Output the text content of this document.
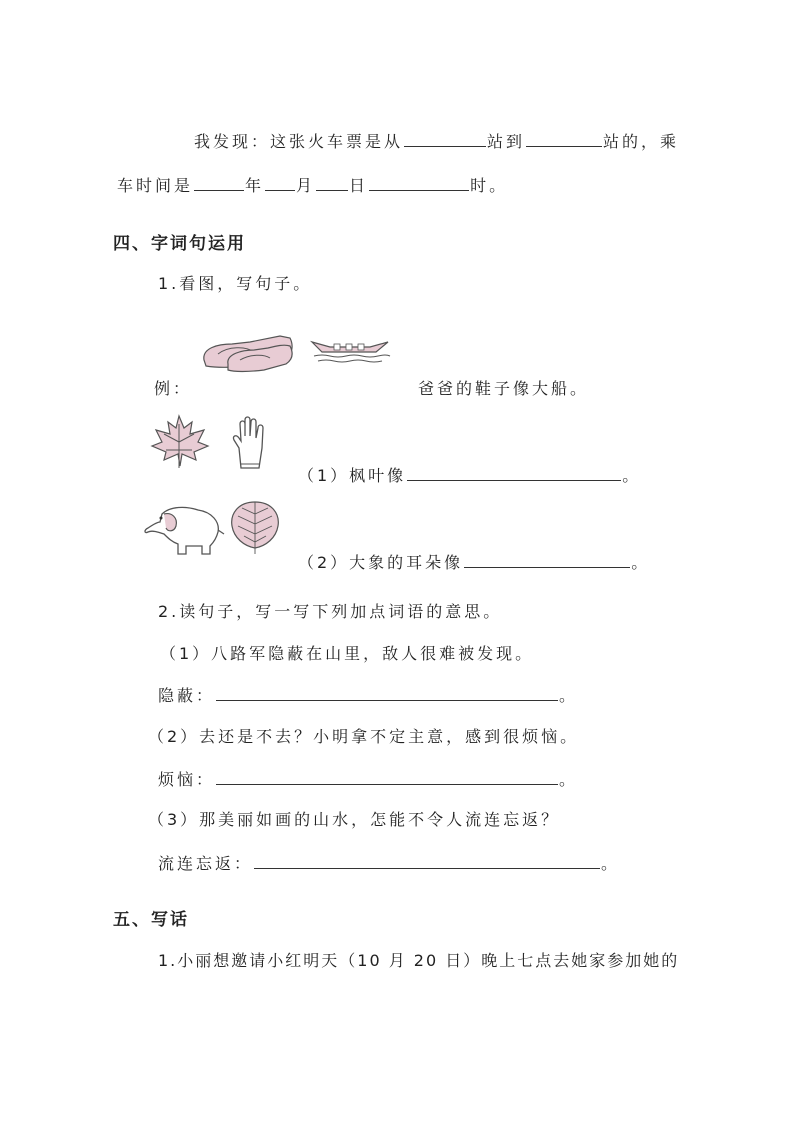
我发现：这张火车票是从	站到	站的，乘
车时间是	年 月 日	时。
四、字词句运用
1.看图，写句子。
例：	爸爸的鞋子像大船。
（1）枫叶像	。
（2）大象的耳朵像	。
2.读句子，写一写下列加点词语的意思。
（1）八路军隐蔽在山里，敌人很难被发现。
隐蔽：	。
（2）去还是不去？小明拿不定主意，感到很烦恼。
烦恼：	。
（3）那美丽如画的山水，怎能不令人流连忘返？
流连忘返：	。
五、写话
1.小丽想邀请小红明天（10 月 20 日）晚上七点去她家参加她的
